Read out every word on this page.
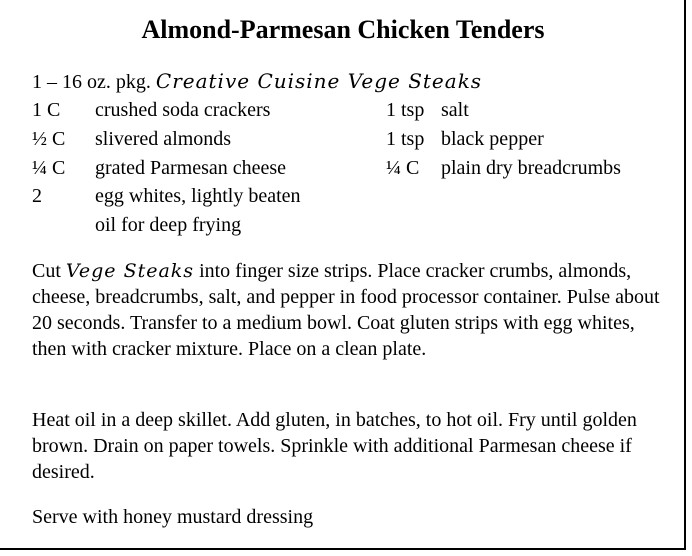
Almond-Parmesan Chicken Tenders
1 – 16 oz. pkg. Creative Cuisine Vege Steaks
1 C crushed soda crackers
½ C slivered almonds
¼ C grated Parmesan cheese
2	egg whites, lightly beaten
oil for deep frying
1 tsp salt
1 tsp black pepper
¼ C plain dry breadcrumbs

Cut Vege Steaks into finger size strips. Place cracker crumbs, almonds, cheese, breadcrumbs, salt, and pepper in food processor container. Pulse about 20 seconds. Transfer to a medium bowl. Coat gluten strips with egg whites, then with cracker mixture. Place on a clean plate.

Heat oil in a deep skillet. Add gluten, in batches, to hot oil. Fry until golden brown. Drain on paper towels. Sprinkle with additional Parmesan cheese if desired.

Serve with honey mustard dressing
